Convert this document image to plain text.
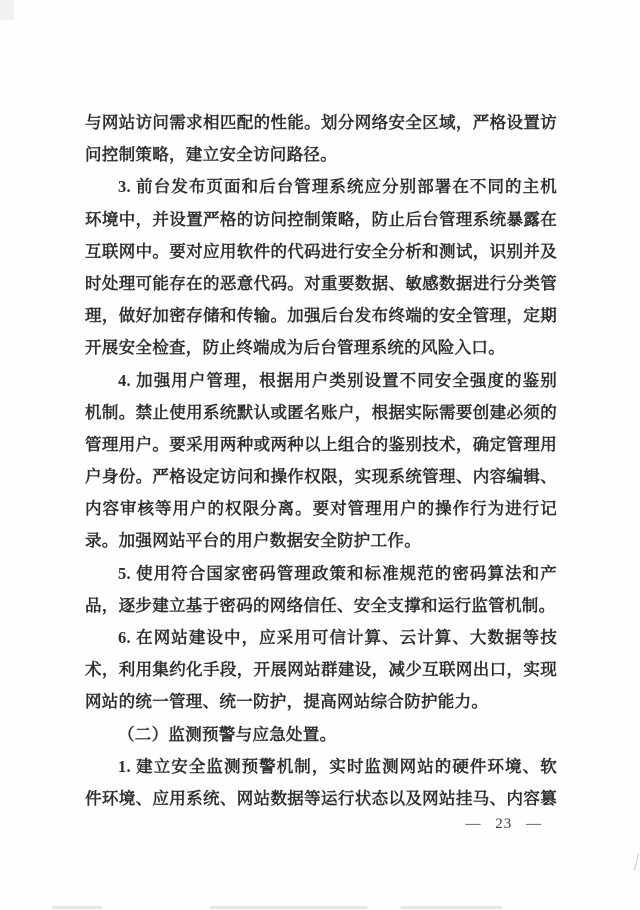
与网站访问需求相匹配的性能。划分网络安全区域，严格设置访
问控制策略，建立安全访问路径。
3. 前台发布页面和后台管理系统应分别部署在不同的主机
环境中，并设置严格的访问控制策略，防止后台管理系统暴露在
互联网中。要对应用软件的代码进行安全分析和测试，识别并及
时处理可能存在的恶意代码。对重要数据、敏感数据进行分类管
理，做好加密存储和传输。加强后台发布终端的安全管理，定期
开展安全检查，防止终端成为后台管理系统的风险入口。
4. 加强用户管理，根据用户类别设置不同安全强度的鉴别
机制。禁止使用系统默认或匿名账户，根据实际需要创建必须的
管理用户。要采用两种或两种以上组合的鉴别技术，确定管理用
户身份。严格设定访问和操作权限，实现系统管理、内容编辑、
内容审核等用户的权限分离。要对管理用户的操作行为进行记
录。加强网站平台的用户数据安全防护工作。
5. 使用符合国家密码管理政策和标准规范的密码算法和产
品，逐步建立基于密码的网络信任、安全支撑和运行监管机制。
6. 在网站建设中，应采用可信计算、云计算、大数据等技
术，利用集约化手段，开展网站群建设，减少互联网出口，实现
网站的统一管理、统一防护，提高网站综合防护能力。
（二）监测预警与应急处置。
1. 建立安全监测预警机制，实时监测网站的硬件环境、软
件环境、应用系统、网站数据等运行状态以及网站挂马、内容篡
— 23 —
